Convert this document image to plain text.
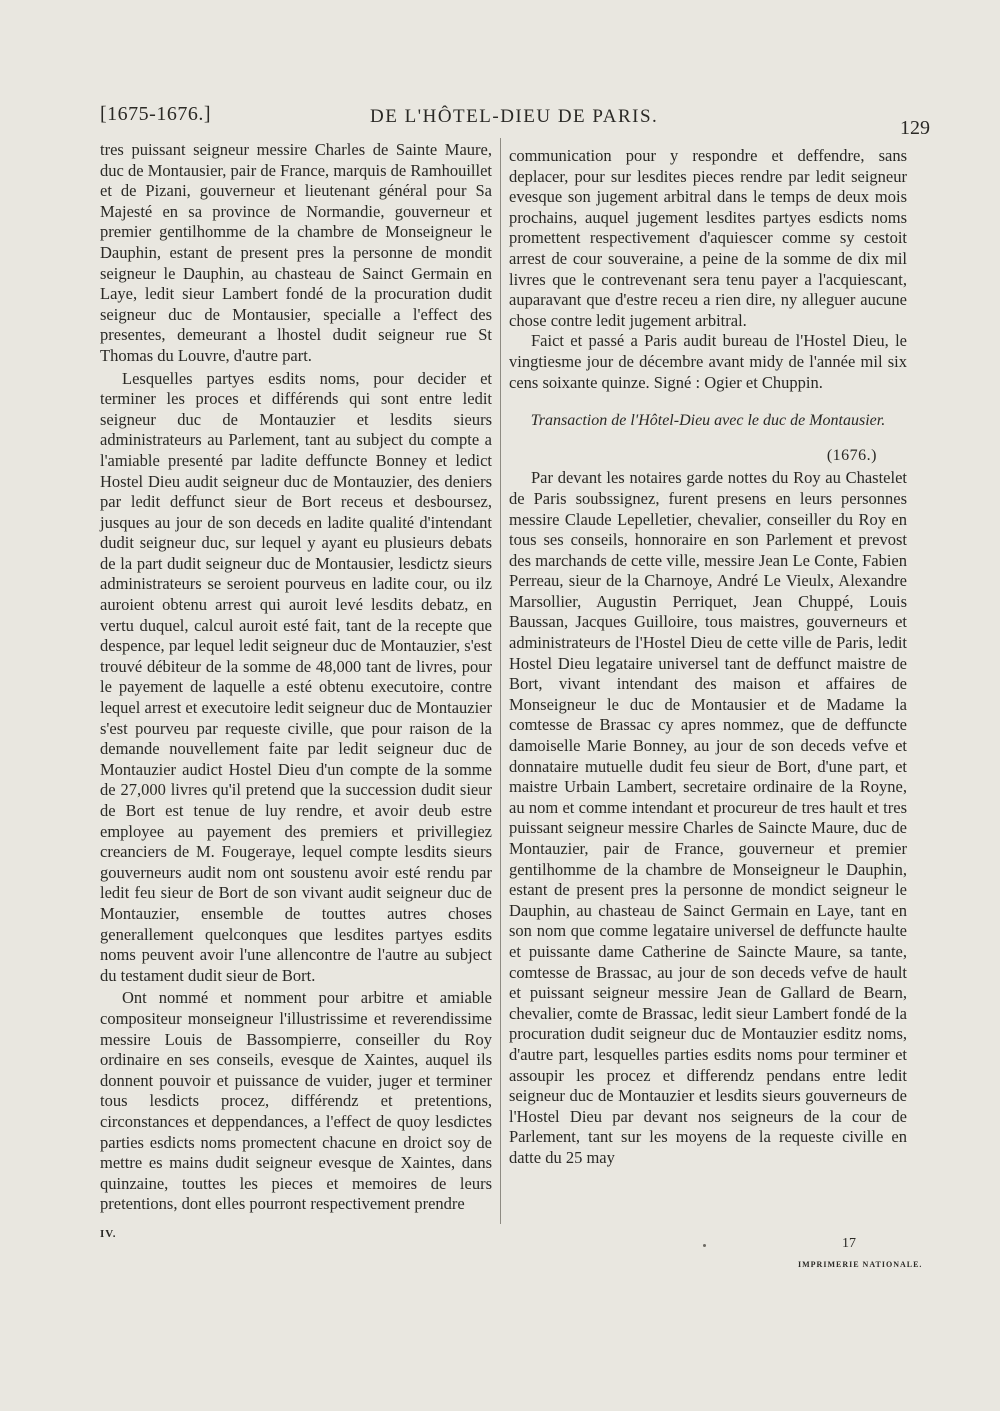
[1675-1676.]	DE L'HÔTEL-DIEU DE PARIS.
129

tres puissant seigneur messire Charles de Sainte Maure, duc de Montausier, pair de France, marquis de Ramhouillet et de Pizani, gouverneur et lieutenant général pour Sa Majesté en sa province de Normandie, gouverneur et premier gentilhomme de la chambre de Monseigneur le Dauphin, estant de present pres la personne de mondit seigneur le Dauphin, au chasteau de Sainct Germain en Laye, ledit sieur Lambert fondé de la procuration dudit seigneur duc de Montausier, specialle a l'effect des presentes, demeurant a lhostel dudit seigneur rue St Thomas du Louvre, d'autre part.

Lesquelles partyes esdits noms, pour decider et terminer les proces et différends qui sont entre ledit seigneur duc de Montauzier et lesdits sieurs administrateurs au Parlement, tant au subject du compte a l'amiable presenté par ladite deffuncte Bonney et ledict Hostel Dieu audit seigneur duc de Montauzier, des deniers par ledit deffunct sieur de Bort receus et desboursez, jusques au jour de son deceds en ladite qualité d'intendant dudit seigneur duc, sur lequel y ayant eu plusieurs debats de la part dudit seigneur duc de Montausier, lesdictz sieurs administrateurs se seroient pourveus en ladite cour, ou ilz auroient obtenu arrest qui auroit levé lesdits debatz, en vertu duquel, calcul auroit esté fait, tant de la recepte que despence, par lequel ledit seigneur duc de Montauzier, s'est trouvé débiteur de la somme de 48,000 tant de livres, pour le payement de laquelle a esté obtenu executoire, contre lequel arrest et executoire ledit seigneur duc de Montauzier s'est pourveu par requeste civille, que pour raison de la demande nouvellement faite par ledit seigneur duc de Montauzier audict Hostel Dieu d'un compte de la somme de 27,000 livres qu'il pretend que la succession dudit sieur de Bort est tenue de luy rendre, et avoir deub estre employee au payement des premiers et privillegiez creanciers de M. Fougeraye, lequel compte lesdits sieurs gouverneurs audit nom ont soustenu avoir esté rendu par ledit feu sieur de Bort de son vivant audit seigneur duc de Montauzier, ensemble de touttes autres choses generallement quelconques que lesdites partyes esdits noms peuvent avoir l'une allencontre de l'autre au subject du testament dudit sieur de Bort.

Ont nommé et nomment pour arbitre et amiable compositeur monseigneur l'illustrissime et reverendissime messire Louis de Bassompierre, conseiller du Roy ordinaire en ses conseils, evesque de Xaintes, auquel ils donnent pouvoir et puissance de vuider, juger et terminer tous lesdicts procez, différendz et pretentions, circonstances et deppendances, a l'effect de quoy lesdictes parties esdicts noms promectent chacune en droict soy de mettre es mains dudit seigneur evesque de Xaintes, dans quinzaine, touttes les pieces et memoires de leurs pretentions, dont elles pourront respectivement prendre

communication pour y respondre et deffendre, sans deplacer, pour sur lesdites pieces rendre par ledit seigneur evesque son jugement arbitral dans le temps de deux mois prochains, auquel jugement lesdites partyes esdicts noms promettent respectivement d'aquiescer comme sy cestoit arrest de cour souveraine, a peine de la somme de dix mil livres que le contrevenant sera tenu payer a l'acquiescant, auparavant que d'estre receu a rien dire, ny alleguer aucune chose contre ledit jugement arbitral.

Faict et passé a Paris audit bureau de l'Hostel Dieu, le vingtiesme jour de décembre avant midy de l'année mil six cens soixante quinze. Signé : Ogier et Chuppin.

Transaction de l'Hôtel-Dieu avec le duc de Montausier.

(1676.)

Par devant les notaires garde nottes du Roy au Chastelet de Paris soubssignez, furent presens en leurs personnes messire Claude Lepelletier, chevalier, conseiller du Roy en tous ses conseils, honnoraire en son Parlement et prevost des marchands de cette ville, messire Jean Le Conte, Fabien Perreau, sieur de la Charnoye, André Le Vieulx, Alexandre Marsollier, Augustin Perriquet, Jean Chuppé, Louis Baussan, Jacques Guilloire, tous maistres, gouverneurs et administrateurs de l'Hostel Dieu de cette ville de Paris, ledit Hostel Dieu legataire universel tant de deffunct maistre de Bort, vivant intendant des maison et affaires de Monseigneur le duc de Montausier et de Madame la comtesse de Brassac cy apres nommez, que de deffuncte damoiselle Marie Bonney, au jour de son deceds vefve et donnataire mutuelle dudit feu sieur de Bort, d'une part, et maistre Urbain Lambert, secretaire ordinaire de la Royne, au nom et comme intendant et procureur de tres hault et tres puissant seigneur messire Charles de Saincte Maure, duc de Montauzier, pair de France, gouverneur et premier gentilhomme de la chambre de Monseigneur le Dauphin, estant de present pres la personne de mondict seigneur le Dauphin, au chasteau de Sainct Germain en Laye, tant en son nom que comme legataire universel de deffuncte haulte et puissante dame Catherine de Saincte Maure, sa tante, comtesse de Brassac, au jour de son deceds vefve de hault et puissant seigneur messire Jean de Gallard de Bearn, chevalier, comte de Brassac, ledit sieur Lambert fondé de la procuration dudit seigneur duc de Montauzier esditz noms, d'autre part, lesquelles parties esdits noms pour terminer et assoupir les procez et differendz pendans entre ledit seigneur duc de Montauzier et lesdits sieurs gouverneurs de l'Hostel Dieu par devant nos seigneurs de la cour de Parlement, tant sur les moyens de la requeste civille en datte du 25 may

IV.
17
IMPRIMERIE NATIONALE.
